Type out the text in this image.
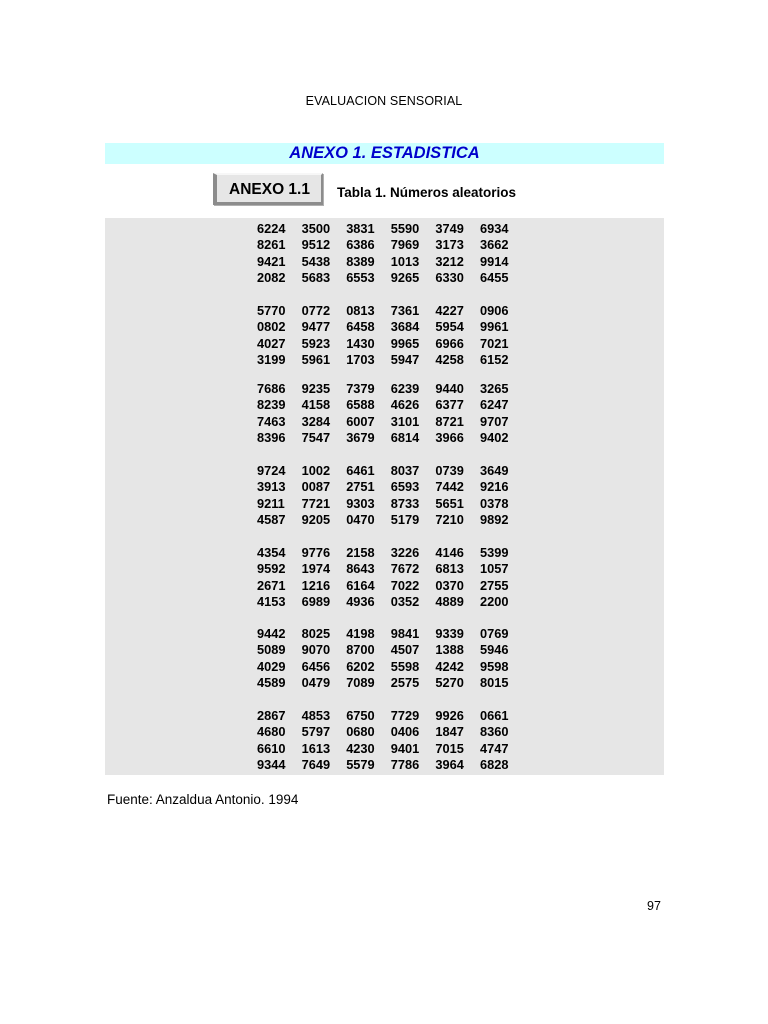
EVALUACION SENSORIAL
ANEXO 1. ESTADISTICA
ANEXO 1.1 Tabla 1. Números aleatorios
6224 3500 3831 5590 3749 6934
8261 9512 6386 7969 3173 3662
9421 5438 8389 1013 3212 9914
2082 5683 6553 9265 6330 6455
5770 0772 0813 7361 4227 0906
0802 9477 6458 3684 5954 9961
4027 5923 1430 9965 6966 7021
3199 5961 1703 5947 4258 6152
7686 9235 7379 6239 9440 3265
8239 4158 6588 4626 6377 6247
7463 3284 6007 3101 8721 9707
8396 7547 3679 6814 3966 9402
9724 1002 6461 8037 0739 3649
3913 0087 2751 6593 7442 9216
9211 7721 9303 8733 5651 0378
4587 9205 0470 5179 7210 9892
4354 9776 2158 3226 4146 5399
9592 1974 8643 7672 6813 1057
2671 1216 6164 7022 0370 2755
4153 6989 4936 0352 4889 2200
9442 8025 4198 9841 9339 0769
5089 9070 8700 4507 1388 5946
4029 6456 6202 5598 4242 9598
4589 0479 7089 2575 5270 8015
2867 4853 6750 7729 9926 0661
4680 5797 0680 0406 1847 8360
6610 1613 4230 9401 7015 4747
9344 7649 5579 7786 3964 6828
Fuente: Anzaldua Antonio. 1994
97
